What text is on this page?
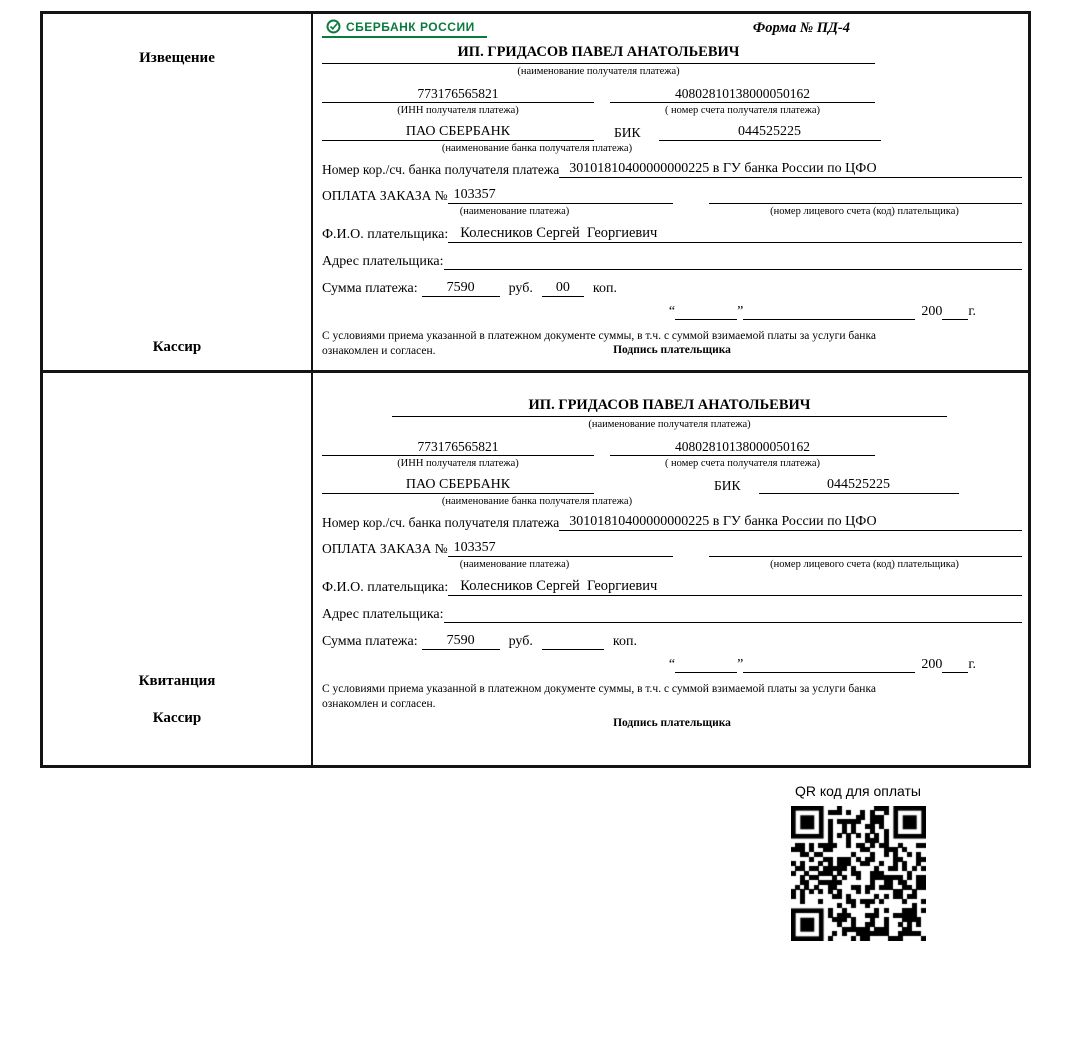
Извещение
Кассир
СБЕРБАНК РОССИИ	Форма № ПД-4
ИП. ГРИДАСОВ ПАВЕЛ АНАТОЛЬЕВИЧ
(наименование получателя платежа)
773176565821	40802810138000050162
(ИНН получателя платежа)	( номер счета получателя платежа)
ПАО СБЕРБАНК	БИК	044525225
(наименование банка получателя платежа)
Номер кор./сч. банка получателя платежа 30101810400000000225 в ГУ банка России по ЦФО
ОПЛАТА ЗАКАЗА № 103357
(наименование платежа)	(номер лицевого счета (код) плательщика)
Ф.И.О. плательщика: Колесников Сергей  Георгиевич
Адрес плательщика:
Сумма платежа:	7590	руб.	00	коп.
“	”	200 г.
С условиями приема указанной в платежном документе суммы, в т.ч. с суммой взимаемой платы за услуги банка ознакомлен и согласен.	Подпись плательщика
Квитанция
Кассир
ИП. ГРИДАСОВ ПАВЕЛ АНАТОЛЬЕВИЧ
(наименование получателя платежа)
773176565821	40802810138000050162
(ИНН получателя платежа)	( номер счета получателя платежа)
ПАО СБЕРБАНК	БИК	044525225
(наименование банка получателя платежа)
Номер кор./сч. банка получателя платежа 30101810400000000225 в ГУ банка России по ЦФО
ОПЛАТА ЗАКАЗА № 103357
(наименование платежа)	(номер лицевого счета (код) плательщика)
Ф.И.О. плательщика: Колесников Сергей  Георгиевич
Адрес плательщика:
Сумма платежа:	7590	руб.	коп.
“	”	200 г.
С условиями приема указанной в платежном документе суммы, в т.ч. с суммой взимаемой платы за услуги банка ознакомлен и согласен.
Подпись плательщика
QR код для оплаты
